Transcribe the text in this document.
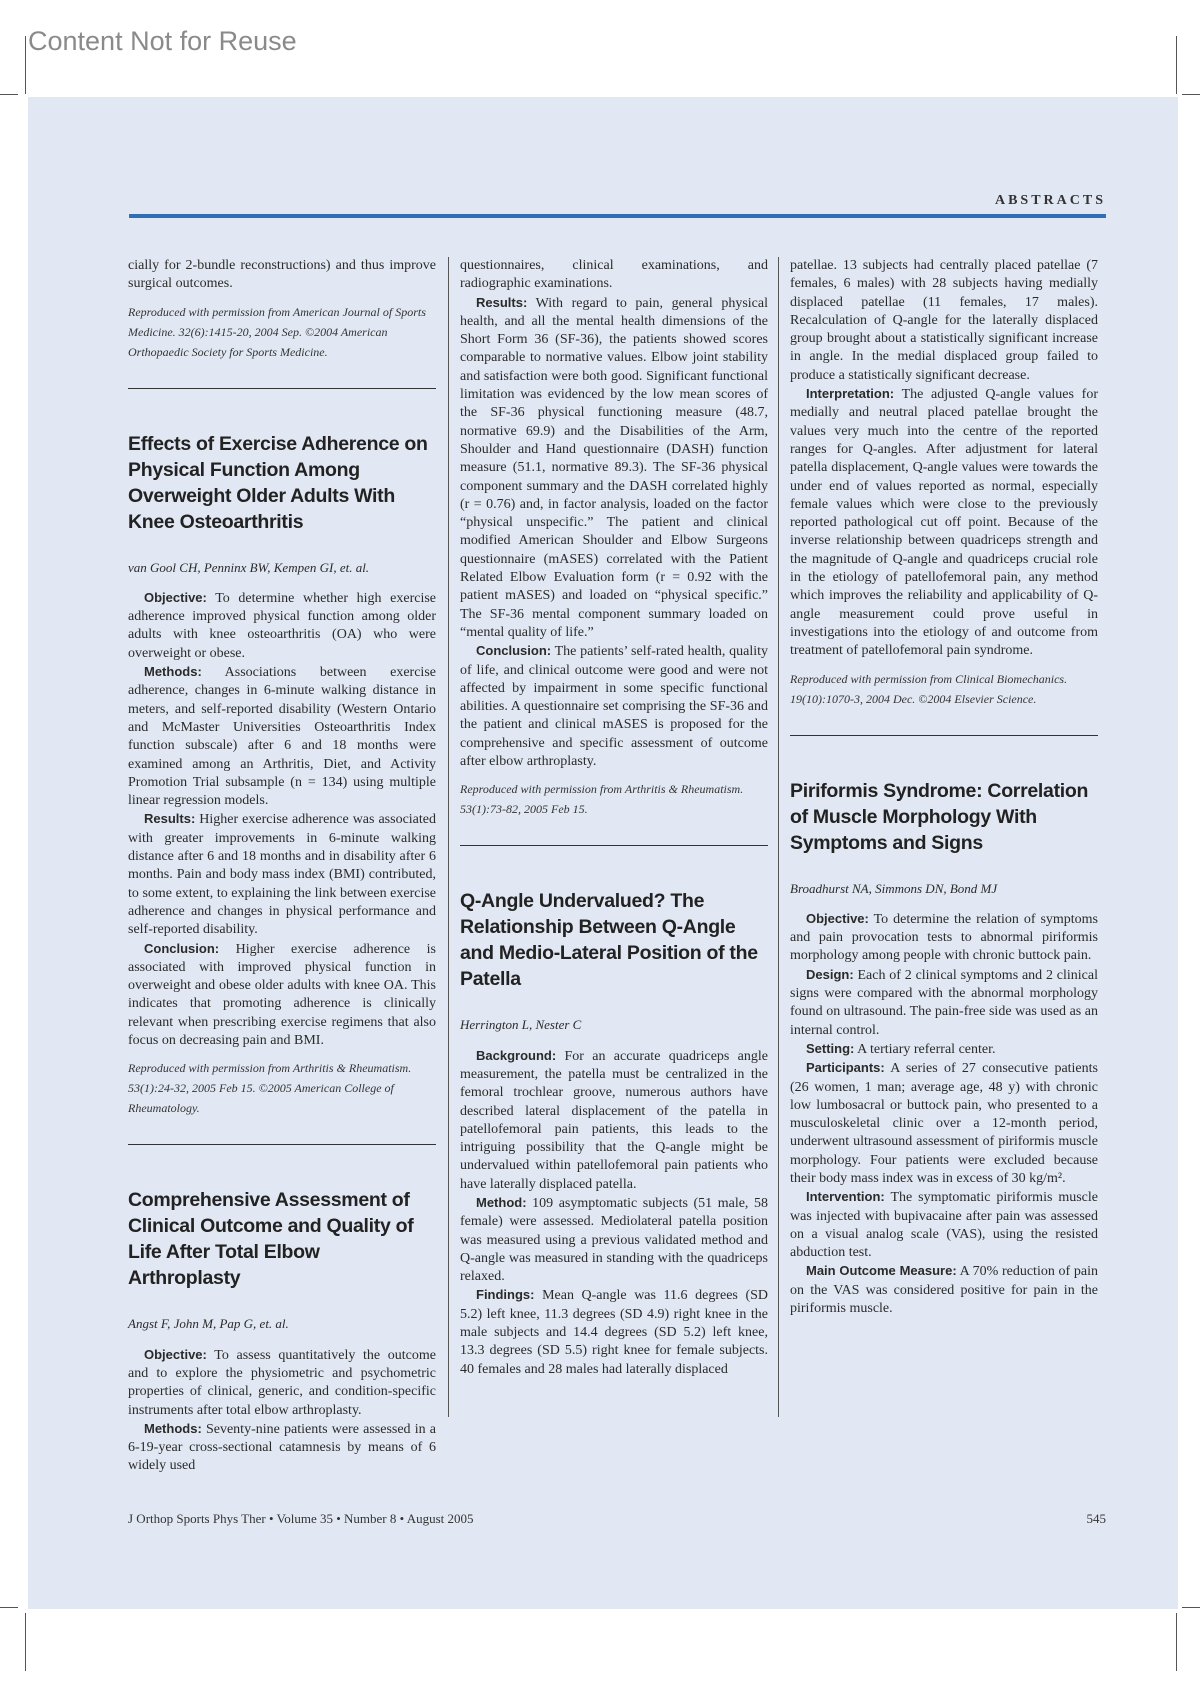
Content Not for Reuse
ABSTRACTS

cially for 2-bundle reconstructions) and thus improve surgical outcomes.

Reproduced with permission from American Journal of Sports Medicine. 32(6):1415-20, 2004 Sep. ©2004 American Orthopaedic Society for Sports Medicine.

Effects of Exercise Adherence on Physical Function Among Overweight Older Adults With Knee Osteoarthritis

van Gool CH, Penninx BW, Kempen GI, et. al.

Objective: To determine whether high exercise adherence improved physical function among older adults with knee osteoarthritis (OA) who were overweight or obese.

Methods: Associations between exercise adherence, changes in 6-minute walking distance in meters, and self-reported disability (Western Ontario and McMaster Universities Osteoarthritis Index function subscale) after 6 and 18 months were examined among an Arthritis, Diet, and Activity Promotion Trial subsample (n = 134) using multiple linear regression models.

Results: Higher exercise adherence was associated with greater improvements in 6-minute walking distance after 6 and 18 months and in disability after 6 months. Pain and body mass index (BMI) contributed, to some extent, to explaining the link between exercise adherence and changes in physical performance and self-reported disability.

Conclusion: Higher exercise adherence is associated with improved physical function in overweight and obese older adults with knee OA. This indicates that promoting adherence is clinically relevant when prescribing exercise regimens that also focus on decreasing pain and BMI.

Reproduced with permission from Arthritis & Rheumatism. 53(1):24-32, 2005 Feb 15. ©2005 American College of Rheumatology.

Comprehensive Assessment of Clinical Outcome and Quality of Life After Total Elbow Arthroplasty

Angst F, John M, Pap G, et. al.

Objective: To assess quantitatively the outcome and to explore the physiometric and psychometric properties of clinical, generic, and condition-specific instruments after total elbow arthroplasty.

Methods: Seventy-nine patients were assessed in a 6-19-year cross-sectional catamnesis by means of 6 widely used

questionnaires, clinical examinations, and radiographic examinations.

Results: With regard to pain, general physical health, and all the mental health dimensions of the Short Form 36 (SF-36), the patients showed scores comparable to normative values. Elbow joint stability and satisfaction were both good. Significant functional limitation was evidenced by the low mean scores of the SF-36 physical functioning measure (48.7, normative 69.9) and the Disabilities of the Arm, Shoulder and Hand questionnaire (DASH) function measure (51.1, normative 89.3). The SF-36 physical component summary and the DASH correlated highly (r = 0.76) and, in factor analysis, loaded on the factor “physical unspecific.” The patient and clinical modified American Shoulder and Elbow Surgeons questionnaire (mASES) correlated with the Patient Related Elbow Evaluation form (r = 0.92 with the patient mASES) and loaded on “physical specific.” The SF-36 mental component summary loaded on “mental quality of life.”

Conclusion: The patients’ self-rated health, quality of life, and clinical outcome were good and were not affected by impairment in some specific functional abilities. A questionnaire set comprising the SF-36 and the patient and clinical mASES is proposed for the comprehensive and specific assessment of outcome after elbow arthroplasty.

Reproduced with permission from Arthritis & Rheumatism. 53(1):73-82, 2005 Feb 15.

Q-Angle Undervalued? The Relationship Between Q-Angle and Medio-Lateral Position of the Patella

Herrington L, Nester C

Background: For an accurate quadriceps angle measurement, the patella must be centralized in the femoral trochlear groove, numerous authors have described lateral displacement of the patella in patellofemoral pain patients, this leads to the intriguing possibility that the Q-angle might be undervalued within patellofemoral pain patients who have laterally displaced patella.

Method: 109 asymptomatic subjects (51 male, 58 female) were assessed. Mediolateral patella position was measured using a previous validated method and Q-angle was measured in standing with the quadriceps relaxed.

Findings: Mean Q-angle was 11.6 degrees (SD 5.2) left knee, 11.3 degrees (SD 4.9) right knee in the male subjects and 14.4 degrees (SD 5.2) left knee, 13.3 degrees (SD 5.5) right knee for female subjects. 40 females and 28 males had laterally displaced

patellae. 13 subjects had centrally placed patellae (7 females, 6 males) with 28 subjects having medially displaced patellae (11 females, 17 males). Recalculation of Q-angle for the laterally displaced group brought about a statistically significant increase in angle. In the medial displaced group failed to produce a statistically significant decrease.

Interpretation: The adjusted Q-angle values for medially and neutral placed patellae brought the values very much into the centre of the reported ranges for Q-angles. After adjustment for lateral patella displacement, Q-angle values were towards the under end of values reported as normal, especially female values which were close to the previously reported pathological cut off point. Because of the inverse relationship between quadriceps strength and the magnitude of Q-angle and quadriceps crucial role in the etiology of patellofemoral pain, any method which improves the reliability and applicability of Q-angle measurement could prove useful in investigations into the etiology of and outcome from treatment of patellofemoral pain syndrome.

Reproduced with permission from Clinical Biomechanics. 19(10):1070-3, 2004 Dec. ©2004 Elsevier Science.

Piriformis Syndrome: Correlation of Muscle Morphology With Symptoms and Signs

Broadhurst NA, Simmons DN, Bond MJ

Objective: To determine the relation of symptoms and pain provocation tests to abnormal piriformis morphology among people with chronic buttock pain.

Design: Each of 2 clinical symptoms and 2 clinical signs were compared with the abnormal morphology found on ultrasound. The pain-free side was used as an internal control.

Setting: A tertiary referral center.

Participants: A series of 27 consecutive patients (26 women, 1 man; average age, 48 y) with chronic low lumbosacral or buttock pain, who presented to a musculoskeletal clinic over a 12-month period, underwent ultrasound assessment of piriformis muscle morphology. Four patients were excluded because their body mass index was in excess of 30 kg/m².

Intervention: The symptomatic piriformis muscle was injected with bupivacaine after pain was assessed on a visual analog scale (VAS), using the resisted abduction test.

Main Outcome Measure: A 70% reduction of pain on the VAS was considered positive for pain in the piriformis muscle.

J Orthop Sports Phys Ther • Volume 35 • Number 8 • August 2005	545
